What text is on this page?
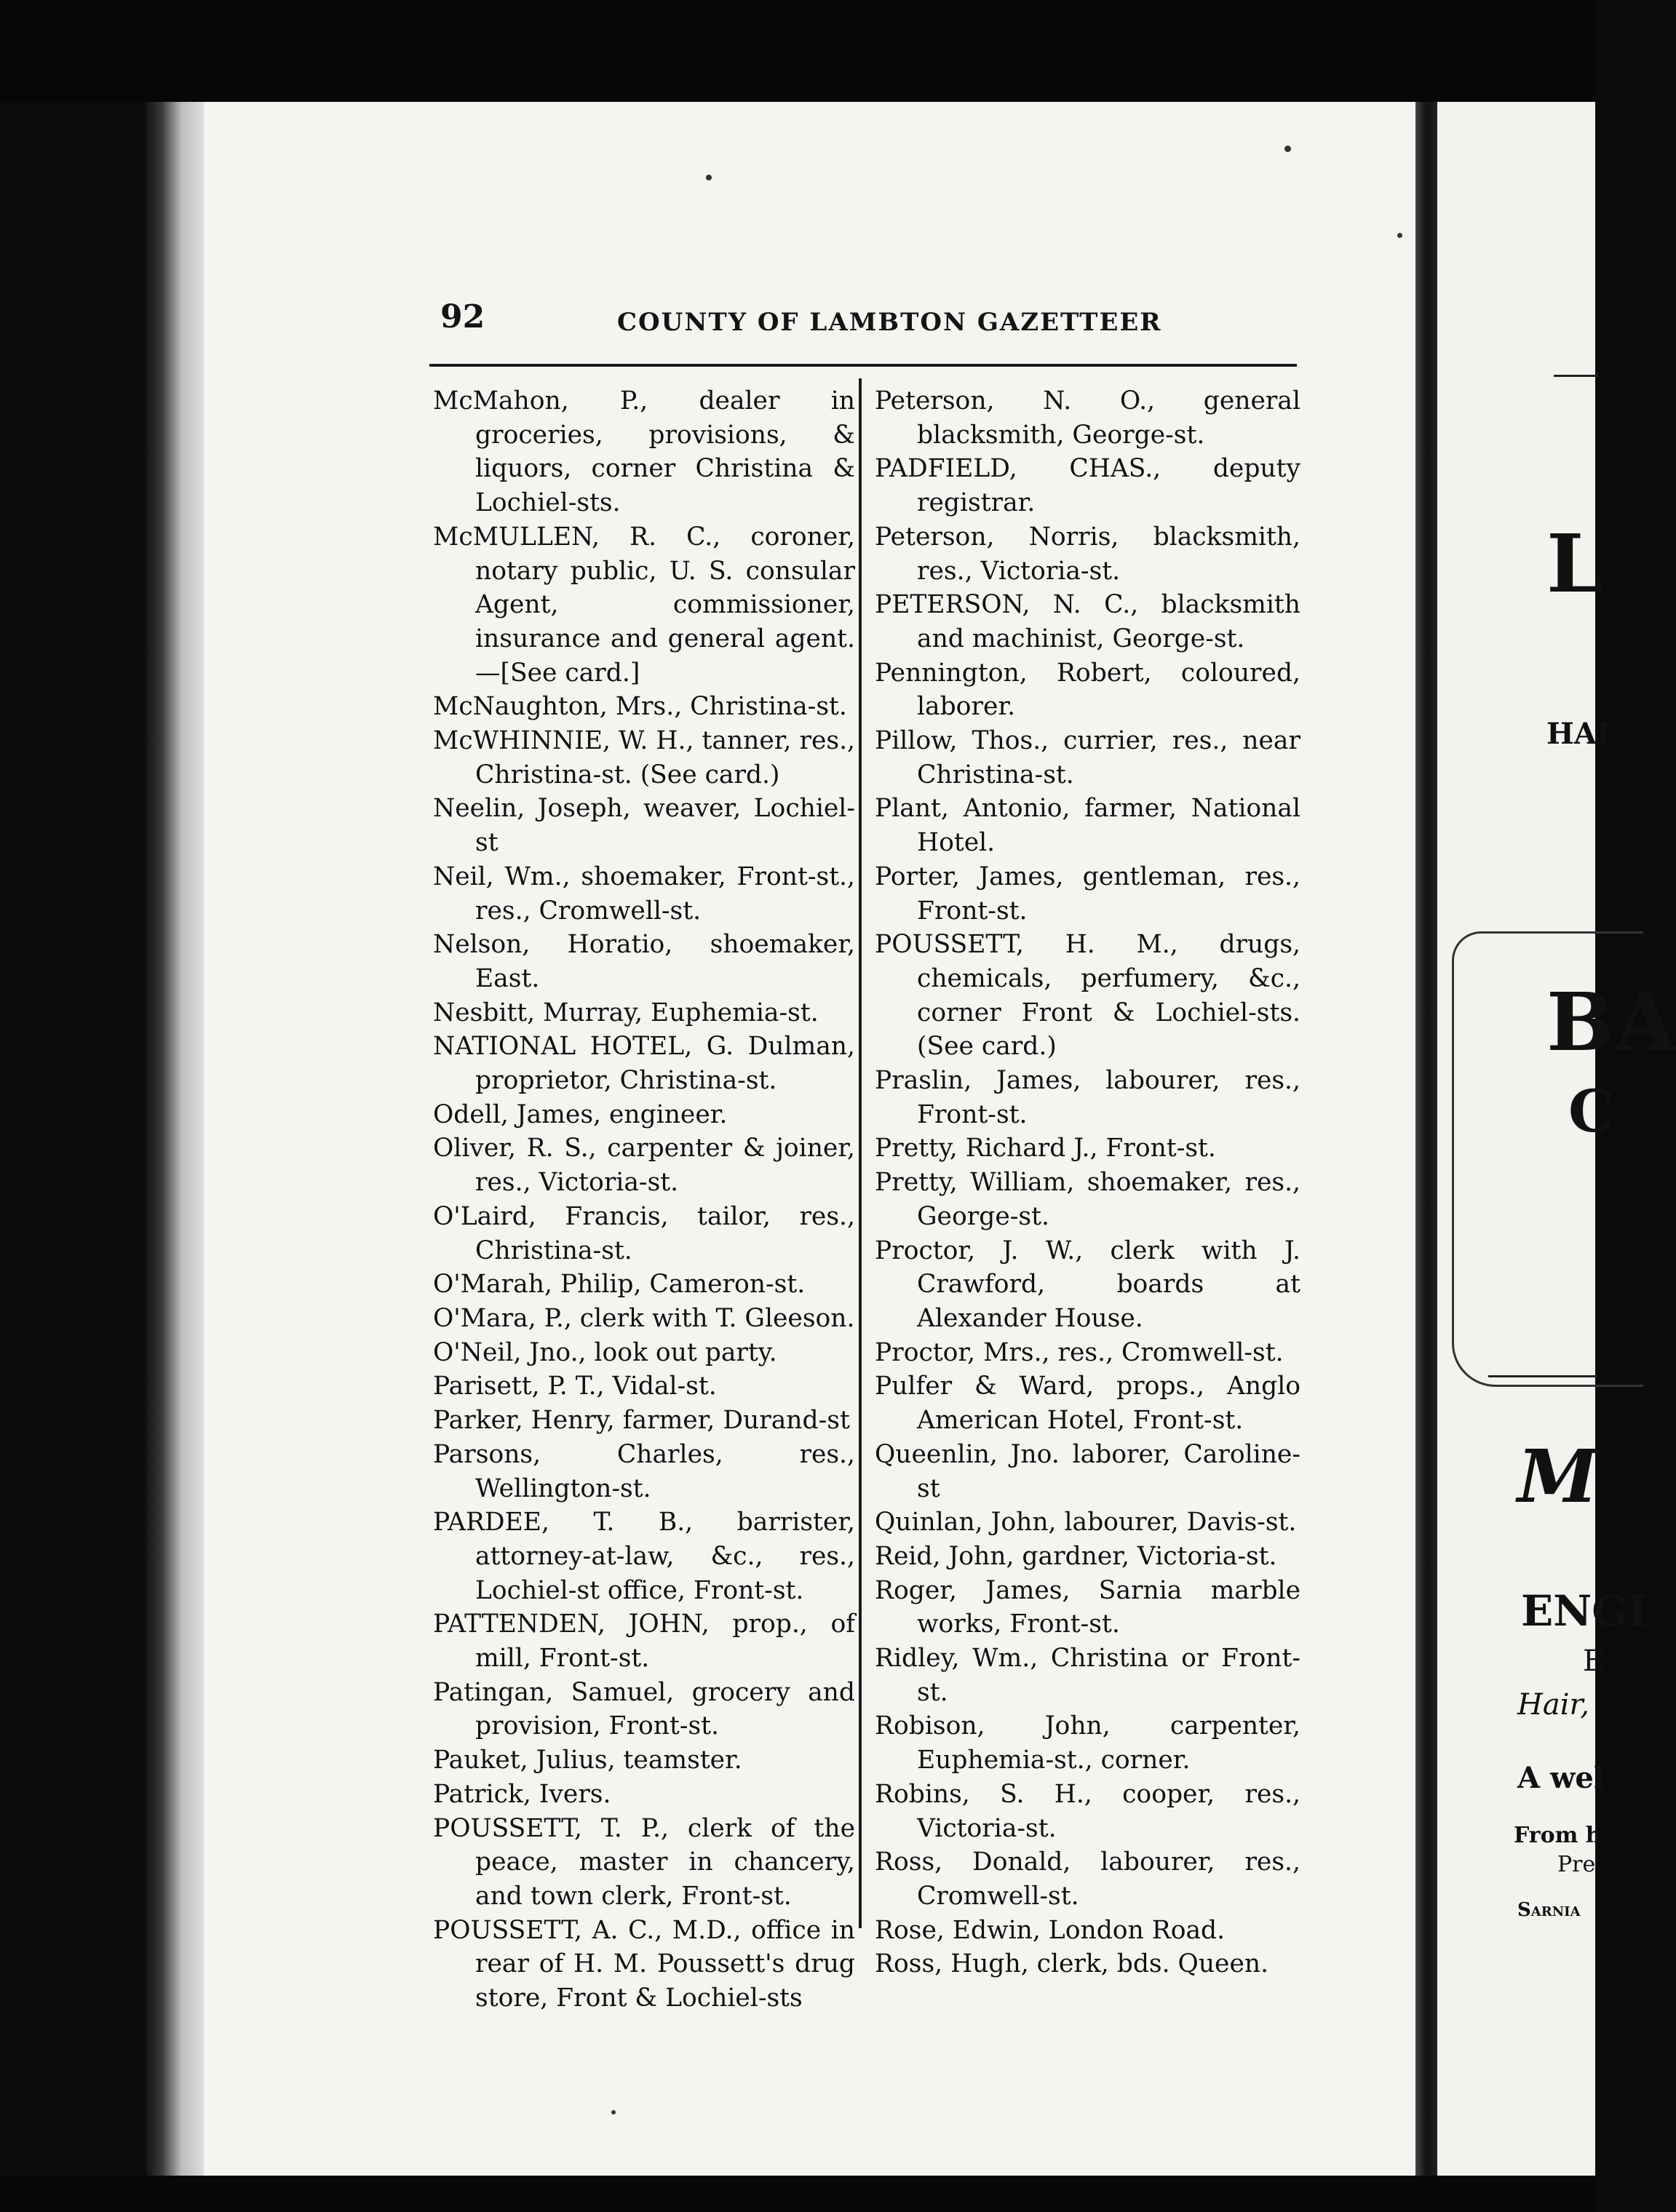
92	COUNTY OF LAMBTON GAZETTEER
McMahon, P., dealer in groceries, provisions, & liquors, corner Christina & Lochiel-sts.
McMULLEN, R. C., coroner, notary public, U. S. consular Agent, commissioner, insurance and general agent.—[See card.]
McNaughton, Mrs., Christina-st.
McWHINNIE, W. H., tanner, res., Christina-st. (See card.)
Neelin, Joseph, weaver, Lochiel-st
Neil, Wm., shoemaker, Front-st., res., Cromwell-st.
Nelson, Horatio, shoemaker, East.
Nesbitt, Murray, Euphemia-st.
NATIONAL HOTEL, G. Dulman, proprietor, Christina-st.
Odell, James, engineer.
Oliver, R. S., carpenter & joiner, res., Victoria-st.
O'Laird, Francis, tailor, res., Christina-st.
O'Marah, Philip, Cameron-st.
O'Mara, P., clerk with T. Gleeson.
O'Neil, Jno., look out party.
Parisett, P. T., Vidal-st.
Parker, Henry, farmer, Durand-st
Parsons, Charles, res., Wellington-st.
PARDEE, T. B., barrister, attorney-at-law, &c., res., Lochiel-st office, Front-st.
PATTENDEN, JOHN, prop., of mill, Front-st.
Patingan, Samuel, grocery and provision, Front-st.
Pauket, Julius, teamster.
Patrick, Ivers.
POUSSETT, T. P., clerk of the peace, master in chancery, and town clerk, Front-st.
POUSSETT, A. C., M.D., office in rear of H. M. Poussett's drug store, Front & Lochiel-sts
Peterson, N. O., general blacksmith, George-st.
PADFIELD, CHAS., deputy registrar.
Peterson, Norris, blacksmith, res., Victoria-st.
PETERSON, N. C., blacksmith and machinist, George-st.
Pennington, Robert, coloured, laborer.
Pillow, Thos., currier, res., near Christina-st.
Plant, Antonio, farmer, National Hotel.
Porter, James, gentleman, res., Front-st.
POUSSETT, H. M., drugs, chemicals, perfumery, &c., corner Front & Lochiel-sts. (See card.)
Praslin, James, labourer, res., Front-st.
Pretty, Richard J., Front-st.
Pretty, William, shoemaker, res., George-st.
Proctor, J. W., clerk with J. Crawford, boards at Alexander House.
Proctor, Mrs., res., Cromwell-st.
Pulfer & Ward, props., Anglo American Hotel, Front-st.
Queenlin, Jno. laborer, Caroline-st
Quinlan, John, labourer, Davis-st.
Reid, John, gardner, Victoria-st.
Roger, James, Sarnia marble works, Front-st.
Ridley, Wm., Christina or Front-st.
Robison, John, carpenter, Euphemia-st., corner.
Robins, S. H., cooper, res., Victoria-st.
Ross, Donald, labourer, res., Cromwell-st.
Rose, Edwin, London Road.
Ross, Hugh, clerk, bds. Queen.
L
HAI
BA
C
M
ENGI
E
Hair,
A wel
From h
Pre
Sarnia
